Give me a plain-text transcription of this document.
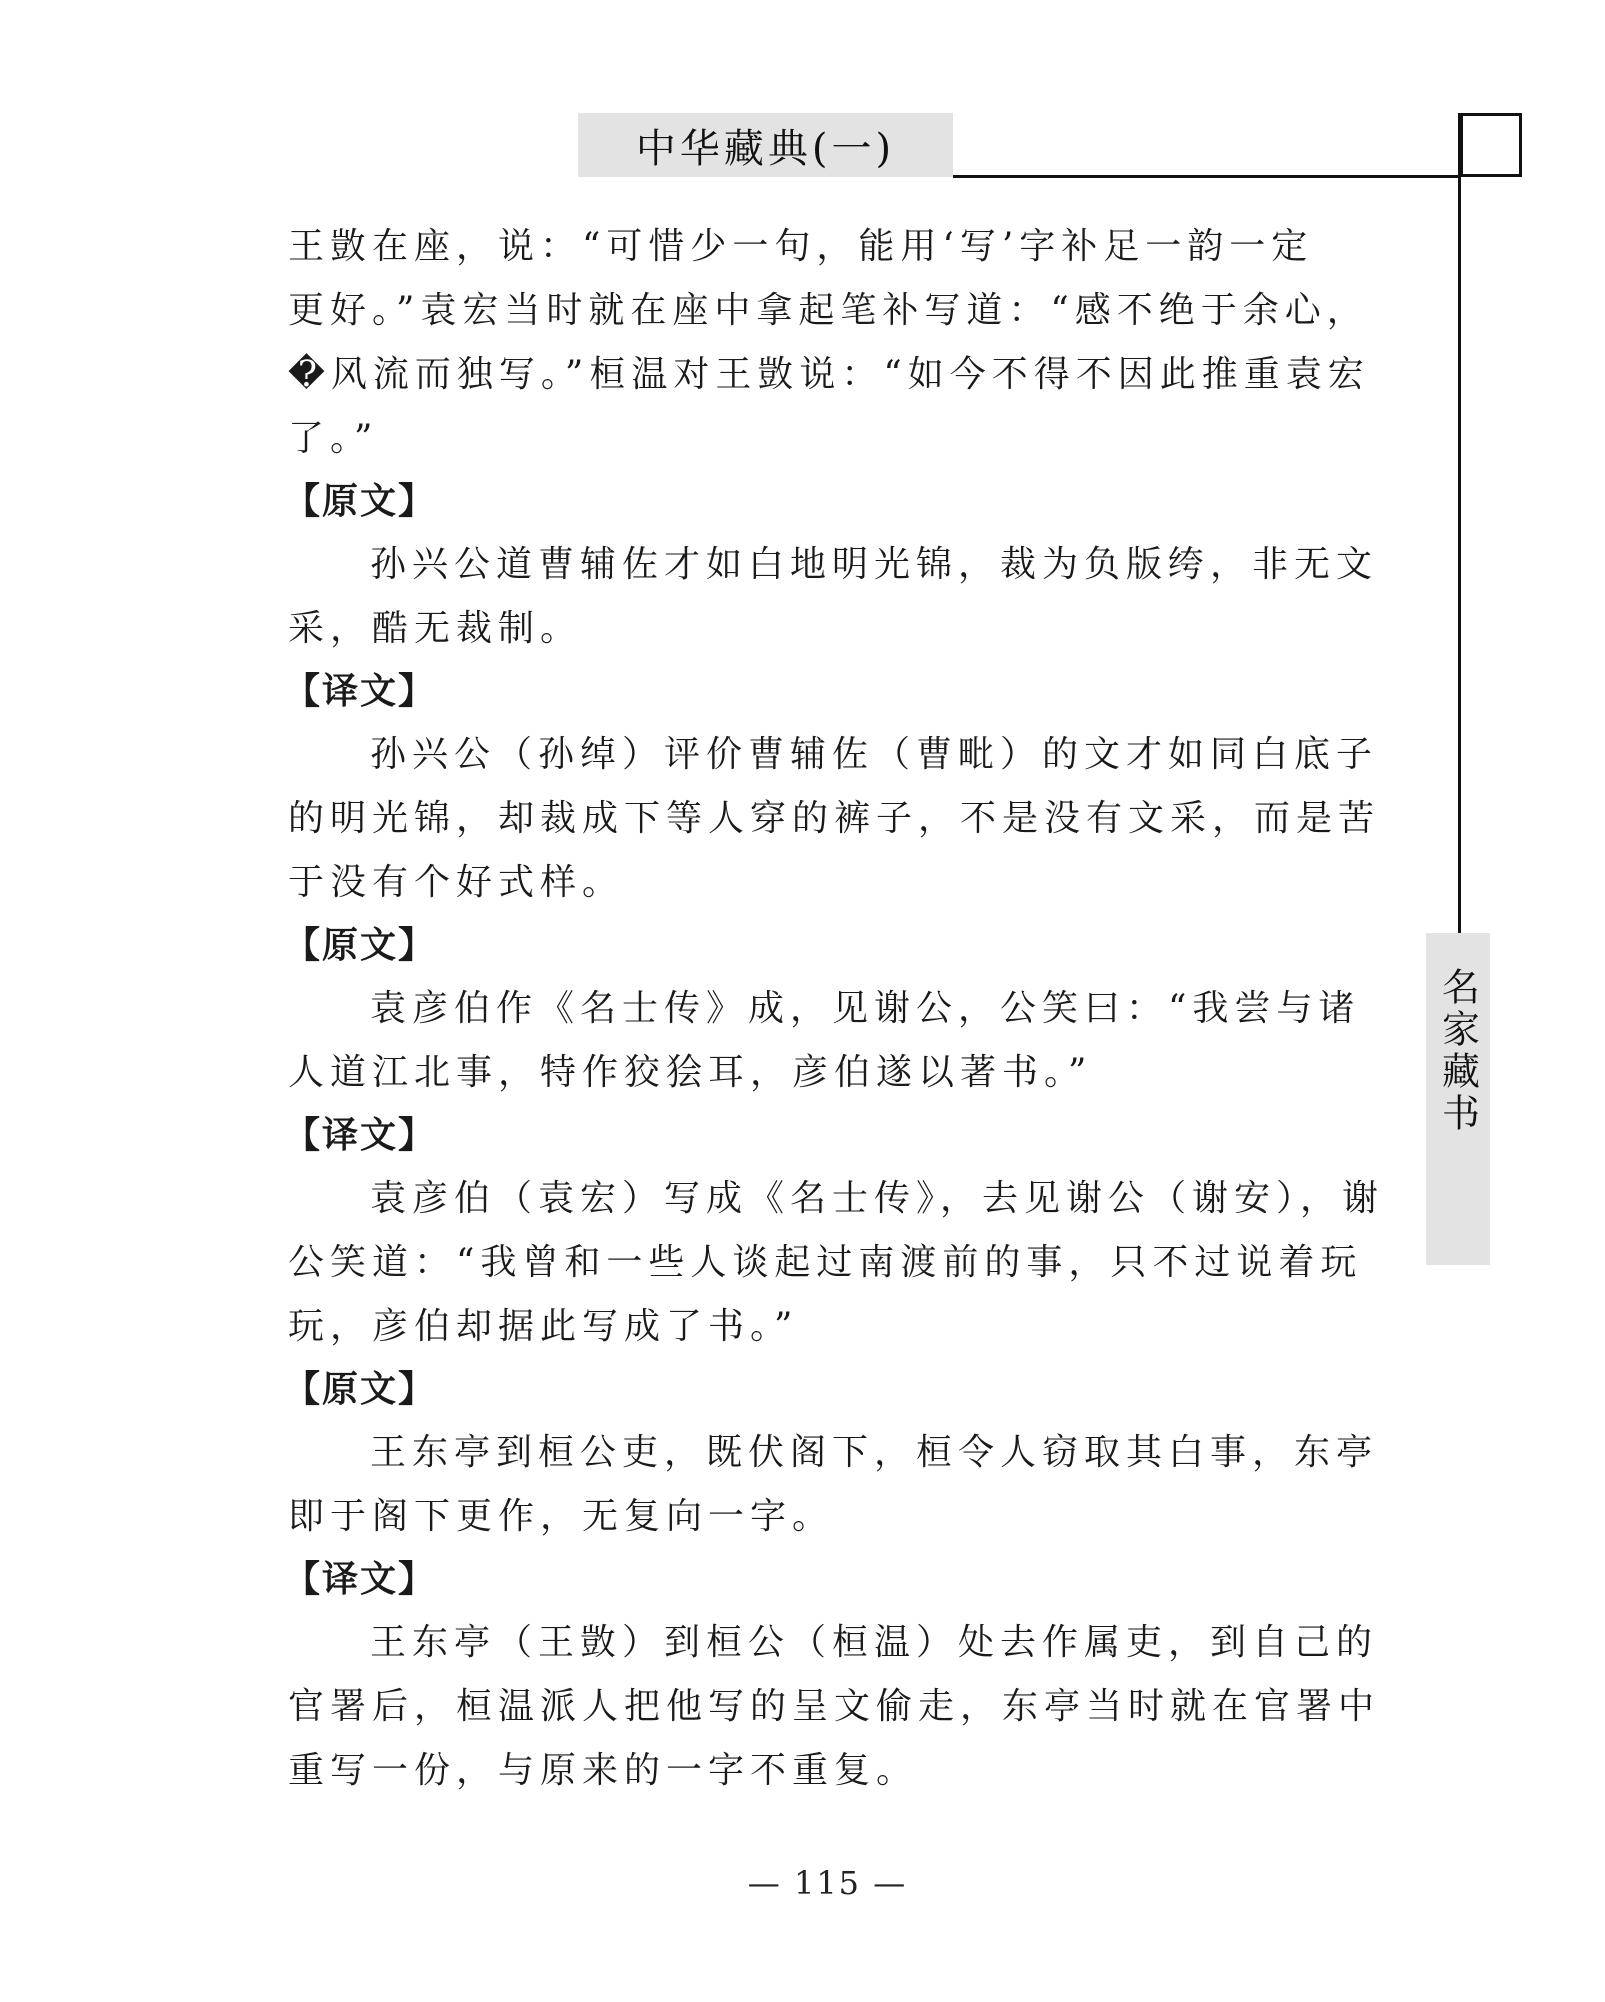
中华藏典(一)
名家藏书
王敳在座，说：“可惜少一句，能用‘写’字补足一韵一定
更好。”袁宏当时就在座中拿起笔补写道：“感不绝于余心，
�风流而独写。”桓温对王敳说：“如今不得不因此推重袁宏
了。”
【原文】
孙兴公道曹辅佐才如白地明光锦，裁为负版绔，非无文
采，酷无裁制。
【译文】
孙兴公（孙绰）评价曹辅佐（曹毗）的文才如同白底子
的明光锦，却裁成下等人穿的裤子，不是没有文采，而是苦
于没有个好式样。
【原文】
袁彦伯作《名士传》成，见谢公，公笑曰：“我尝与诸
人道江北事，特作狡狯耳，彦伯遂以著书。”
【译文】
袁彦伯（袁宏）写成《名士传》，去见谢公（谢安），谢
公笑道：“我曾和一些人谈起过南渡前的事，只不过说着玩
玩，彦伯却据此写成了书。”
【原文】
王东亭到桓公吏，既伏阁下，桓令人窃取其白事，东亭
即于阁下更作，无复向一字。
【译文】
王东亭（王敳）到桓公（桓温）处去作属吏，到自己的
官署后，桓温派人把他写的呈文偷走，东亭当时就在官署中
重写一份，与原来的一字不重复。
— 115 —
